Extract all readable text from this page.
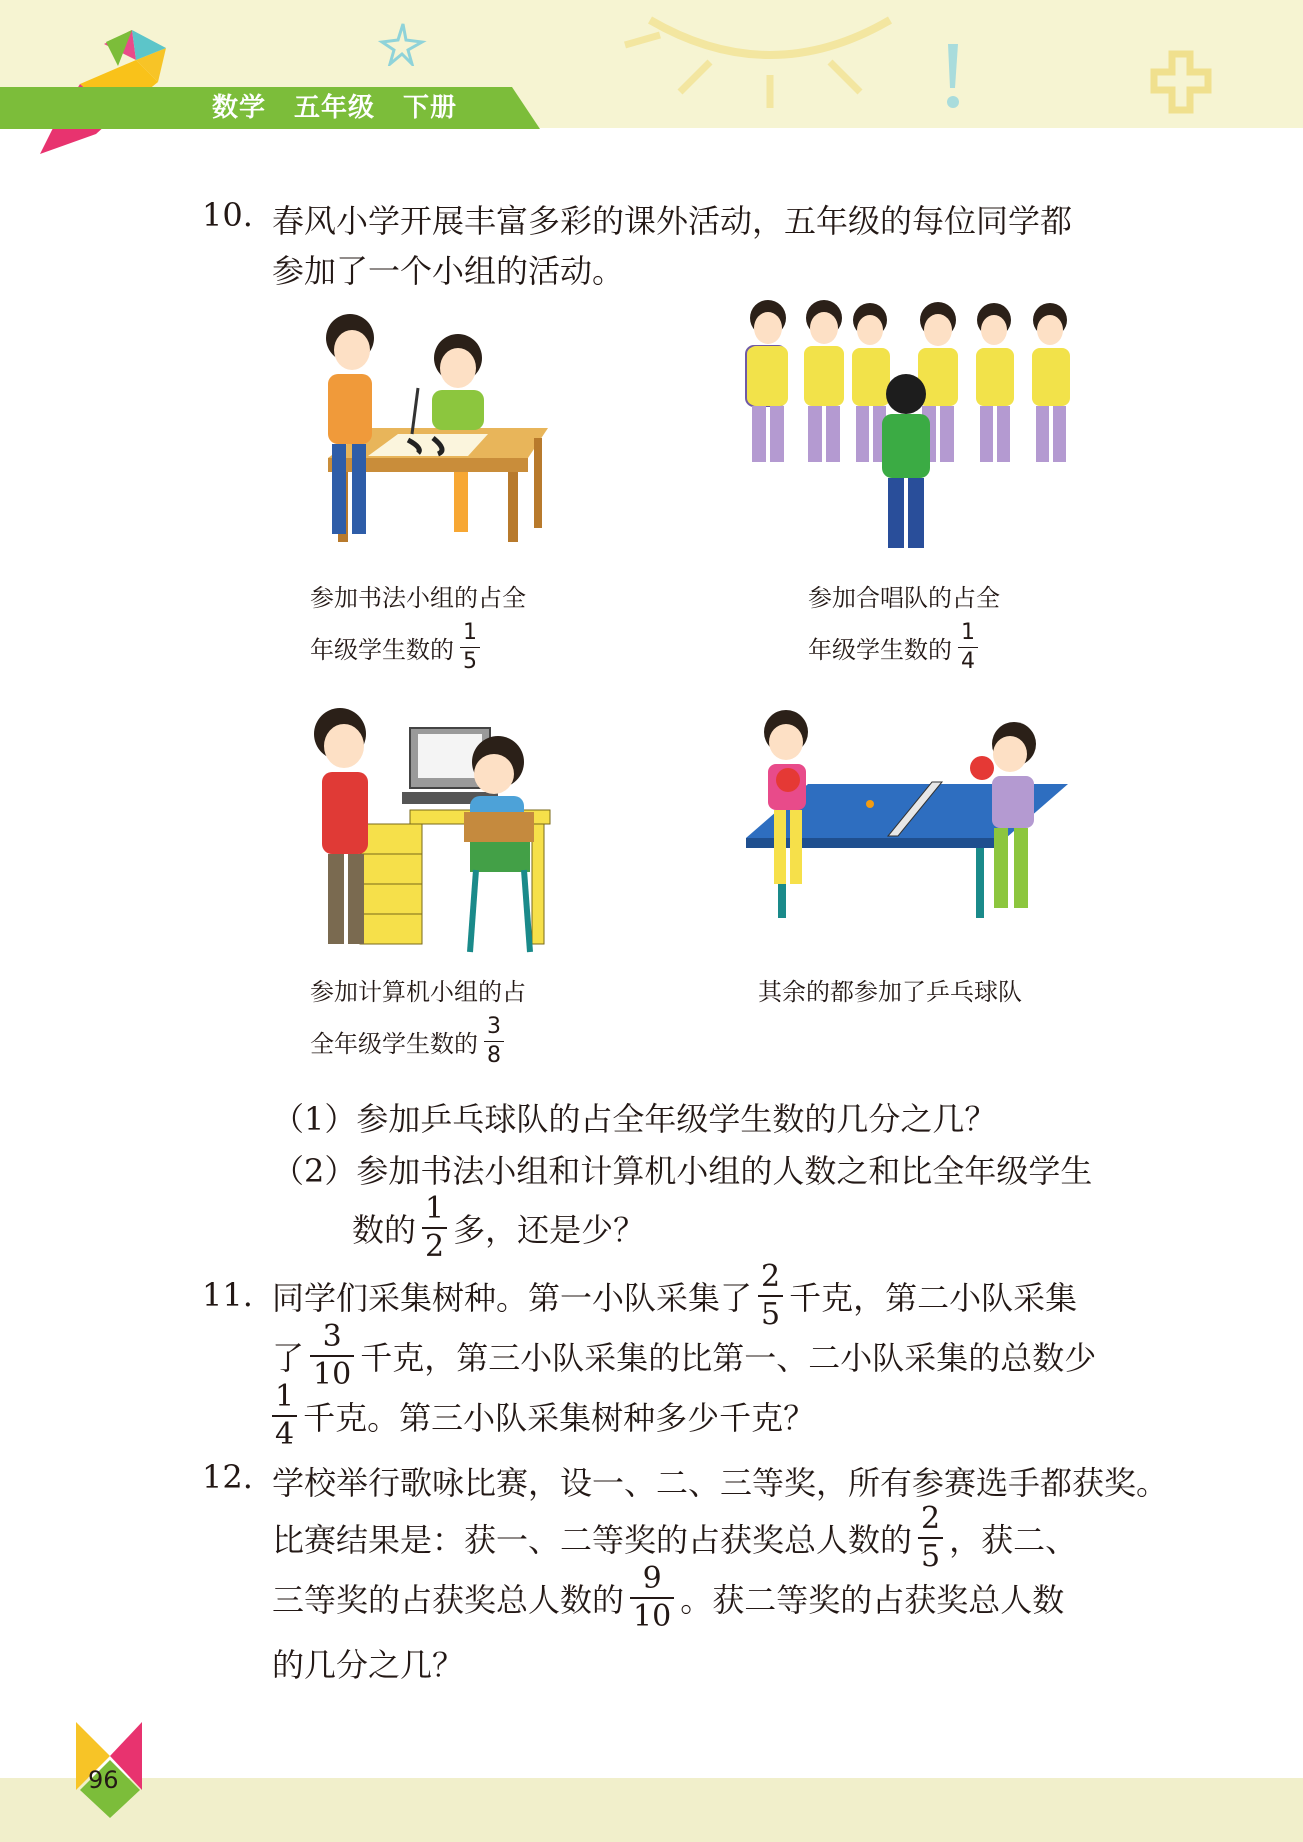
数学 五年级 下册
10. 春风小学开展丰富多彩的课外活动，五年级的每位同学都
参加了一个小组的活动。
参加书法小组的占全
年级学生数的 $\frac{1}{5}$
参加合唱队的占全
年级学生数的 $\frac{1}{4}$
参加计算机小组的占
全年级学生数的 $\frac{3}{8}$
其余的都参加了乒乓球队
（1）参加乒乓球队的占全年级学生数的几分之几？
（2）参加书法小组和计算机小组的人数之和比全年级学生
数的 $\frac{1}{2}$ 多，还是少？
11. 同学们采集树种。第一小队采集了 $\frac{2}{5}$ 千克，第二小队采集
了 $\frac{3}{10}$ 千克，第三小队采集的比第一、二小队采集的总数少
$\frac{1}{4}$ 千克。第三小队采集树种多少千克？
12. 学校举行歌咏比赛，设一、二、三等奖，所有参赛选手都获奖。
比赛结果是：获一、二等奖的占获奖总人数的 $\frac{2}{5}$ ，获二、
三等奖的占获奖总人数的 $\frac{9}{10}$ 。获二等奖的占获奖总人数
的几分之几？
96
